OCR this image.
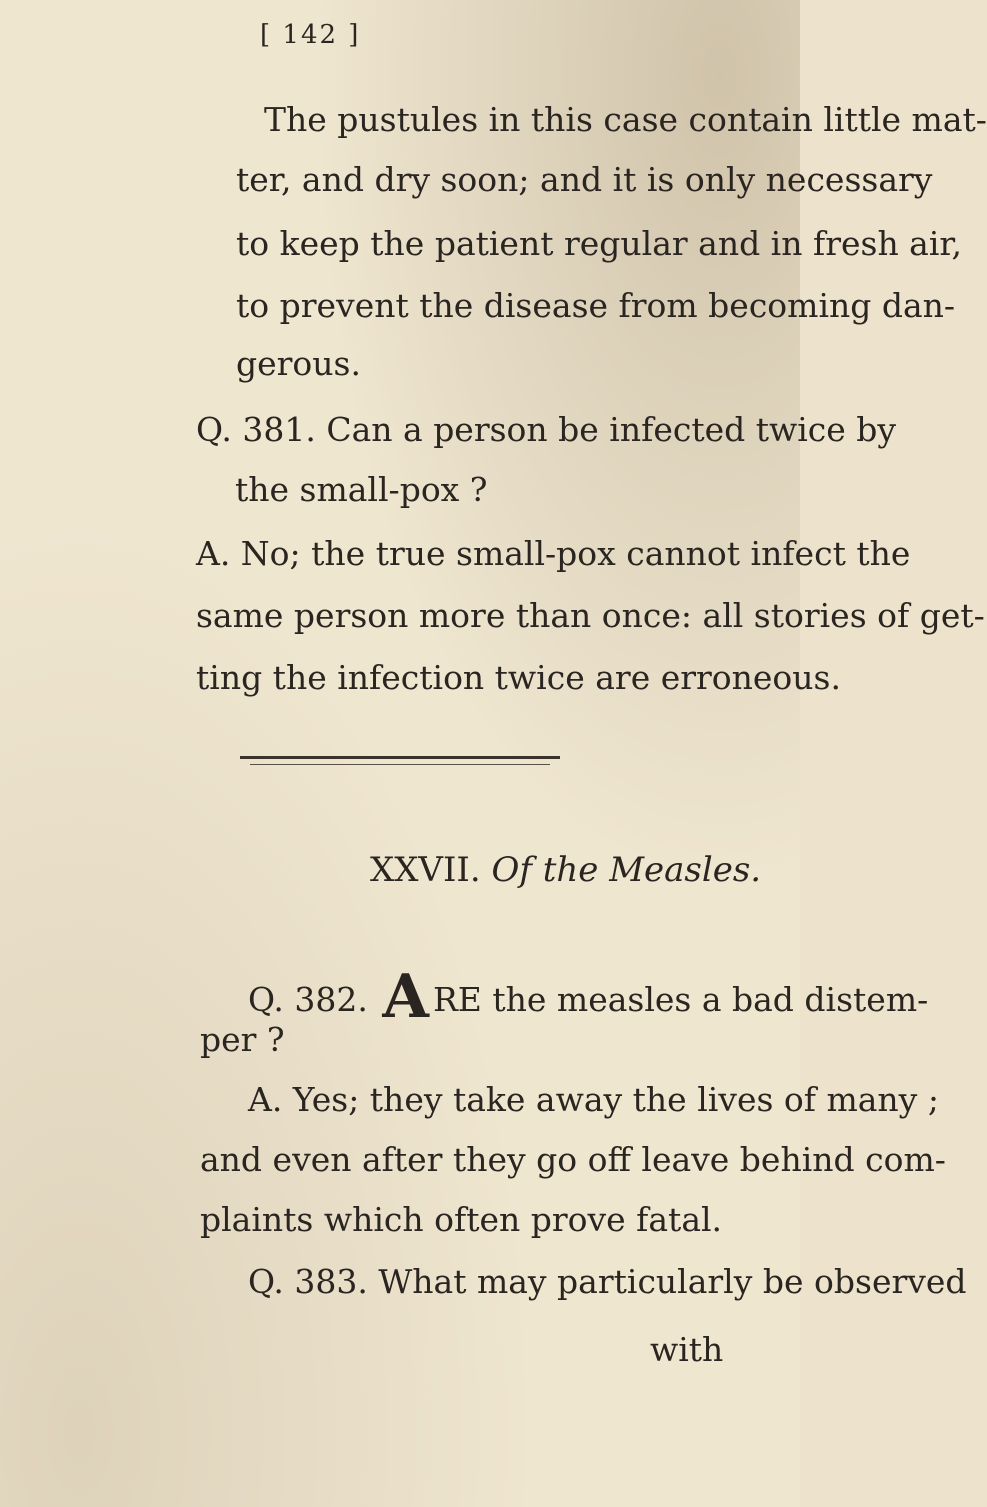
[ 142 ]
The pustules in this case contain little mat-
ter, and dry soon; and it is only necessary
to keep the patient regular and in fresh air,
to prevent the disease from becoming dan-
gerous.
Q. 381. Can a person be infected twice by
the small-pox ?
A. No; the true small-pox cannot infect the
same person more than once: all stories of get-
ting the infection twice are erroneous.
XXVII. Of the Measles.
Q. 382. A RE the measles a bad distem-
per ?
A. Yes; they take away the lives of many ;
and even after they go off leave behind com-
plaints which often prove fatal.
Q. 383. What may particularly be observed
with
